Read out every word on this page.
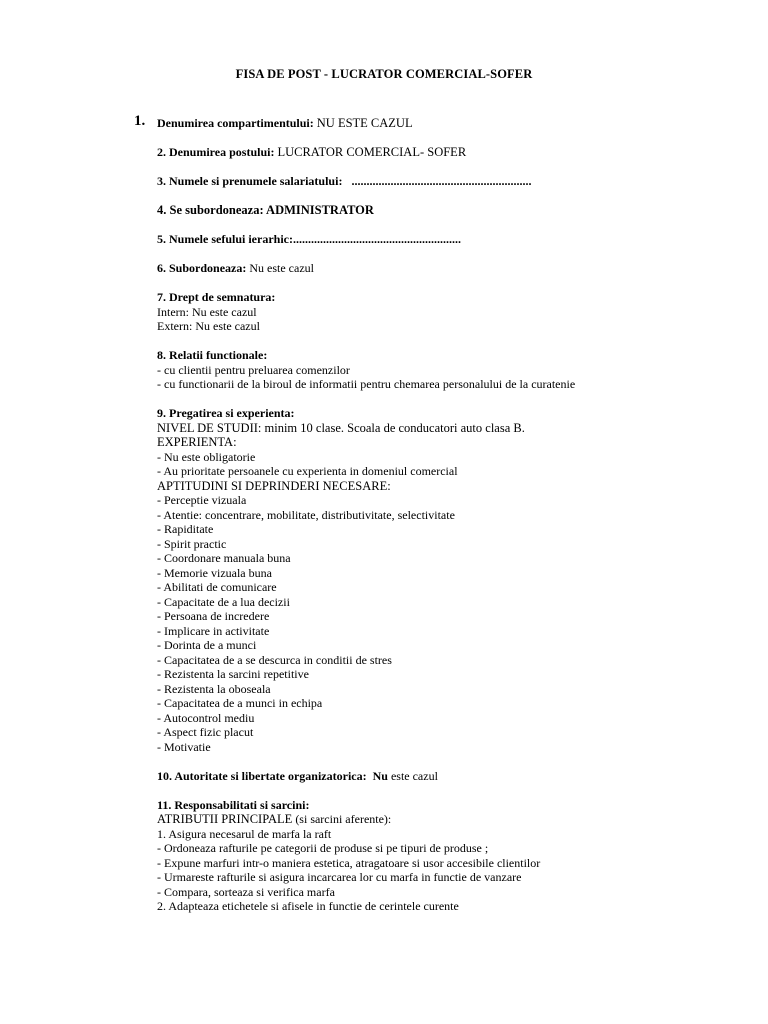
FISA DE POST - LUCRATOR COMERCIAL-SOFER
1. Denumirea compartimentului: NU ESTE CAZUL
2. Denumirea postului: LUCRATOR COMERCIAL- SOFER
3. Numele si prenumele salariatului: ............................................................
4. Se subordoneaza: ADMINISTRATOR
5. Numele sefului ierarhic:........................................................
6. Subordoneaza: Nu este cazul
7. Drept de semnatura:
Intern: Nu este cazul
Extern: Nu este cazul
8. Relatii functionale:
- cu clientii pentru preluarea comenzilor
- cu functionarii de la biroul de informatii pentru chemarea personalului de la curatenie
9. Pregatirea si experienta:
NIVEL DE STUDII: minim 10 clase. Scoala de conducatori auto clasa B.
EXPERIENTA:
- Nu este obligatorie
- Au prioritate persoanele cu experienta in domeniul comercial
APTITUDINI SI DEPRINDERI NECESARE:
- Perceptie vizuala
- Atentie: concentrare, mobilitate, distributivitate, selectivitate
- Rapiditate
- Spirit practic
- Coordonare manuala buna
- Memorie vizuala buna
- Abilitati de comunicare
- Capacitate de a lua decizii
- Persoana de incredere
- Implicare in activitate
- Dorinta de a munci
- Capacitatea de a se descurca in conditii de stres
- Rezistenta la sarcini repetitive
- Rezistenta la oboseala
- Capacitatea de a munci in echipa
- Autocontrol mediu
- Aspect fizic placut
- Motivatie
10. Autoritate si libertate organizatorica: Nu este cazul
11. Responsabilitati si sarcini:
ATRIBUTII PRINCIPALE (si sarcini aferente):
1. Asigura necesarul de marfa la raft
- Ordoneaza rafturile pe categorii de produse si pe tipuri de produse ;
- Expune marfuri intr-o maniera estetica, atragatoare si usor accesibile clientilor
- Urmareste rafturile si asigura incarcarea lor cu marfa in functie de vanzare
- Compara, sorteaza si verifica marfa
2. Adapteaza etichetele si afisele in functie de cerintele curente
